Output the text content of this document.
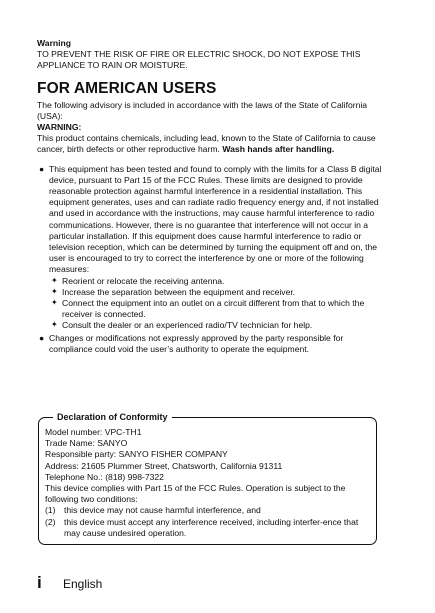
Warning

TO PREVENT THE RISK OF FIRE OR ELECTRIC SHOCK, DO NOT EXPOSE THIS APPLIANCE TO RAIN OR MOISTURE.

FOR AMERICAN USERS

The following advisory is included in accordance with the laws of the State of California (USA):

WARNING:

This product contains chemicals, including lead, known to the State of California to cause cancer, birth defects or other reproductive harm. Wash hands after handling.

● This equipment has been tested and found to comply with the limits for a Class B digital device, pursuant to Part 15 of the FCC Rules. These limits are designed to provide reasonable protection against harmful interference in a residential installation. This equipment generates, uses and can radiate radio frequency energy and, if not installed and used in accordance with the instructions, may cause harmful interference to radio communications. However, there is no guarantee that interference will not occur in a particular installation. If this equipment does cause harmful interference to radio or television reception, which can be determined by turning the equipment off and on, the user is encouraged to try to correct the interference by one or more of the following measures:
✦ Reorient or relocate the receiving antenna.
✦ Increase the separation between the equipment and receiver.
✦ Connect the equipment into an outlet on a circuit different from that to which the receiver is connected.
✦ Consult the dealer or an experienced radio/TV technician for help.
● Changes or modifications not expressly approved by the party responsible for compliance could void the user’s authority to operate the equipment.
Declaration of Conformity
Model number: VPC-TH1
Trade Name: SANYO
Responsible party: SANYO FISHER COMPANY
Address: 21605 Plummer Street, Chatsworth, California 91311
Telephone No.: (818) 998-7322
This device complies with Part 15 of the FCC Rules. Operation is subject to the following two conditions:
(1) this device may not cause harmful interference, and
(2) this device must accept any interference received, including interfer-ence that may cause undesired operation.
i English
